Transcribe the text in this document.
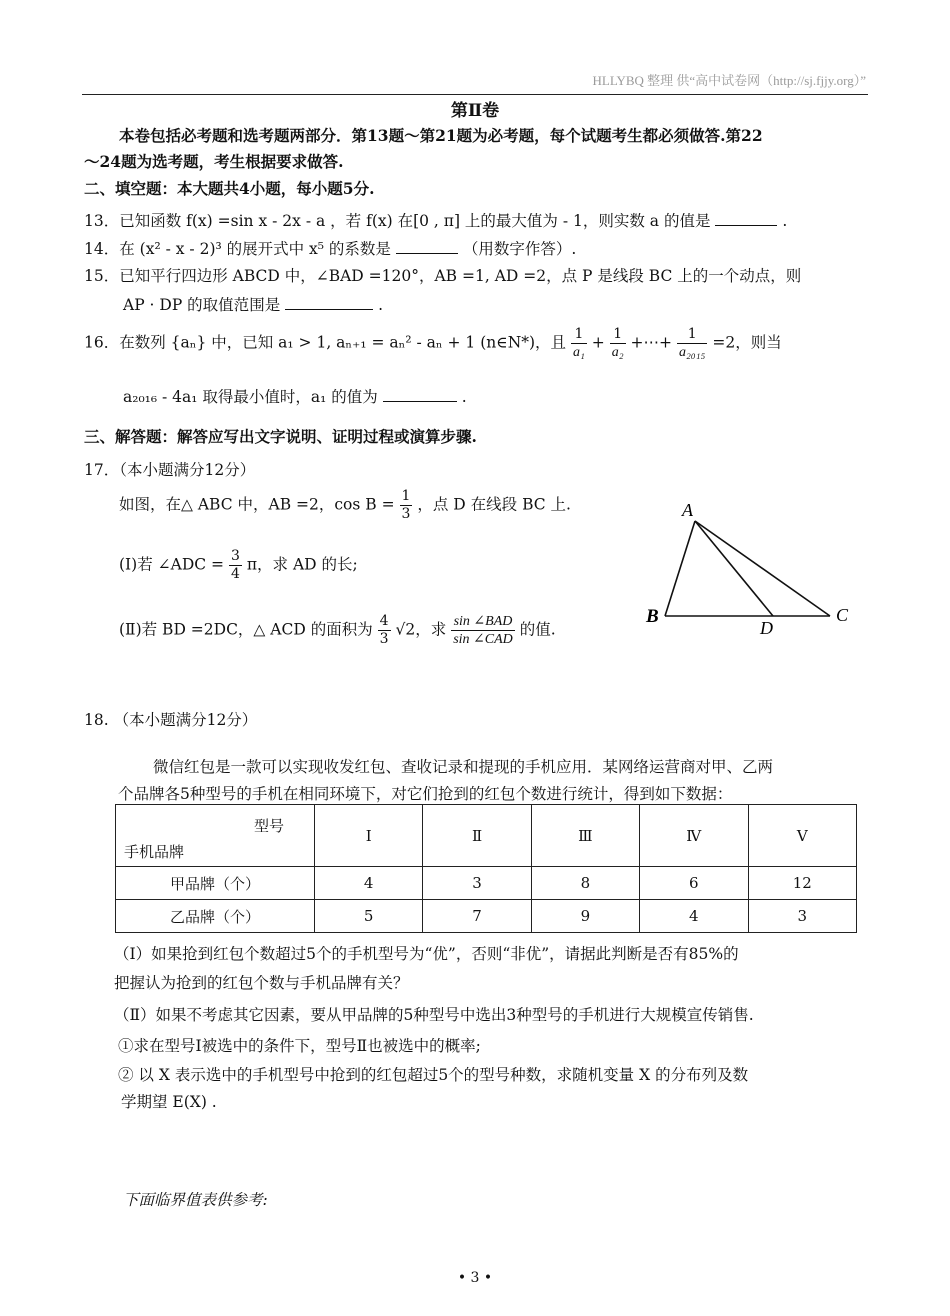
HLLYBQ 整理 供“高中试卷网（http://sj.fjjy.org）”
第Ⅱ卷
本卷包括必考题和选考题两部分．第13题～第21题为必考题，每个试题考生都必须做答.第22
～24题为选考题，考生根据要求做答.
二、填空题：本大题共4小题，每小题5分.
13．已知函数 f(x) =sin x - 2x - a ，若 f(x) 在[0 , π] 上的最大值为 - 1，则实数 a 的值是	.
14．在 (x² - x - 2)³ 的展开式中 x⁵ 的系数是	（用数字作答）.
15．已知平行四边形 ABCD 中，∠BAD =120°，AB =1, AD =2，点 P 是线段 BC 上的一个动点，则
AP · DP 的取值范围是	.
16．在数列 {aₙ} 中，已知 a₁ > 1, aₙ₊₁ = aₙ² - aₙ + 1 (n∈N*)，且 $\frac{1}{\text{a₁}} + \frac{1}{\text{a₂}}$ +⋯+ $\frac{1}{\text{a₂₀₁₅}} =2$，则当
a₂₀₁₆ - 4a₁ 取得最小值时，a₁ 的值为	.
三、解答题：解答应写出文字说明、证明过程或演算步骤.
17．（本小题满分12分）
如图，在△ ABC 中，AB =2，$\cos B = \frac{1}{3}$ ，点 D 在线段 BC 上.
(Ⅰ)若 ∠ADC = $\frac{3}{4}$ π，求 AD 的长;
(Ⅱ)若 BD =2DC，△ ACD 的面积为 $\frac{4}{3} √2$，求 $\frac{\text{sin ∠BAD}}{\text{sin ∠CAD}}$ 的值.
A
B	C
D
18. （本小题满分12分）
微信红包是一款可以实现收发红包、查收记录和提现的手机应用．某网络运营商对甲、乙两
个品牌各5种型号的手机在相同环境下，对它们抢到的红包个数进行统计，得到如下数据：
型号
手机品牌	Ⅰ	Ⅱ	Ⅲ	Ⅳ	Ⅴ
甲品牌（个）	4	3	8	6	12
乙品牌（个）	5	7	9	4	3
（Ⅰ）如果抢到红包个数超过5个的手机型号为“优”，否则“非优”，请据此判断是否有85%的
把握认为抢到的红包个数与手机品牌有关？
（Ⅱ）如果不考虑其它因素，要从甲品牌的5种型号中选出3种型号的手机进行大规模宣传销售.
①求在型号Ⅰ被选中的条件下，型号Ⅱ也被选中的概率;
② 以 X 表示选中的手机型号中抢到的红包超过5个的型号种数，求随机变量 X 的分布列及数
学期望 E(X) .
下面临界值表供参考:
• 3 •
